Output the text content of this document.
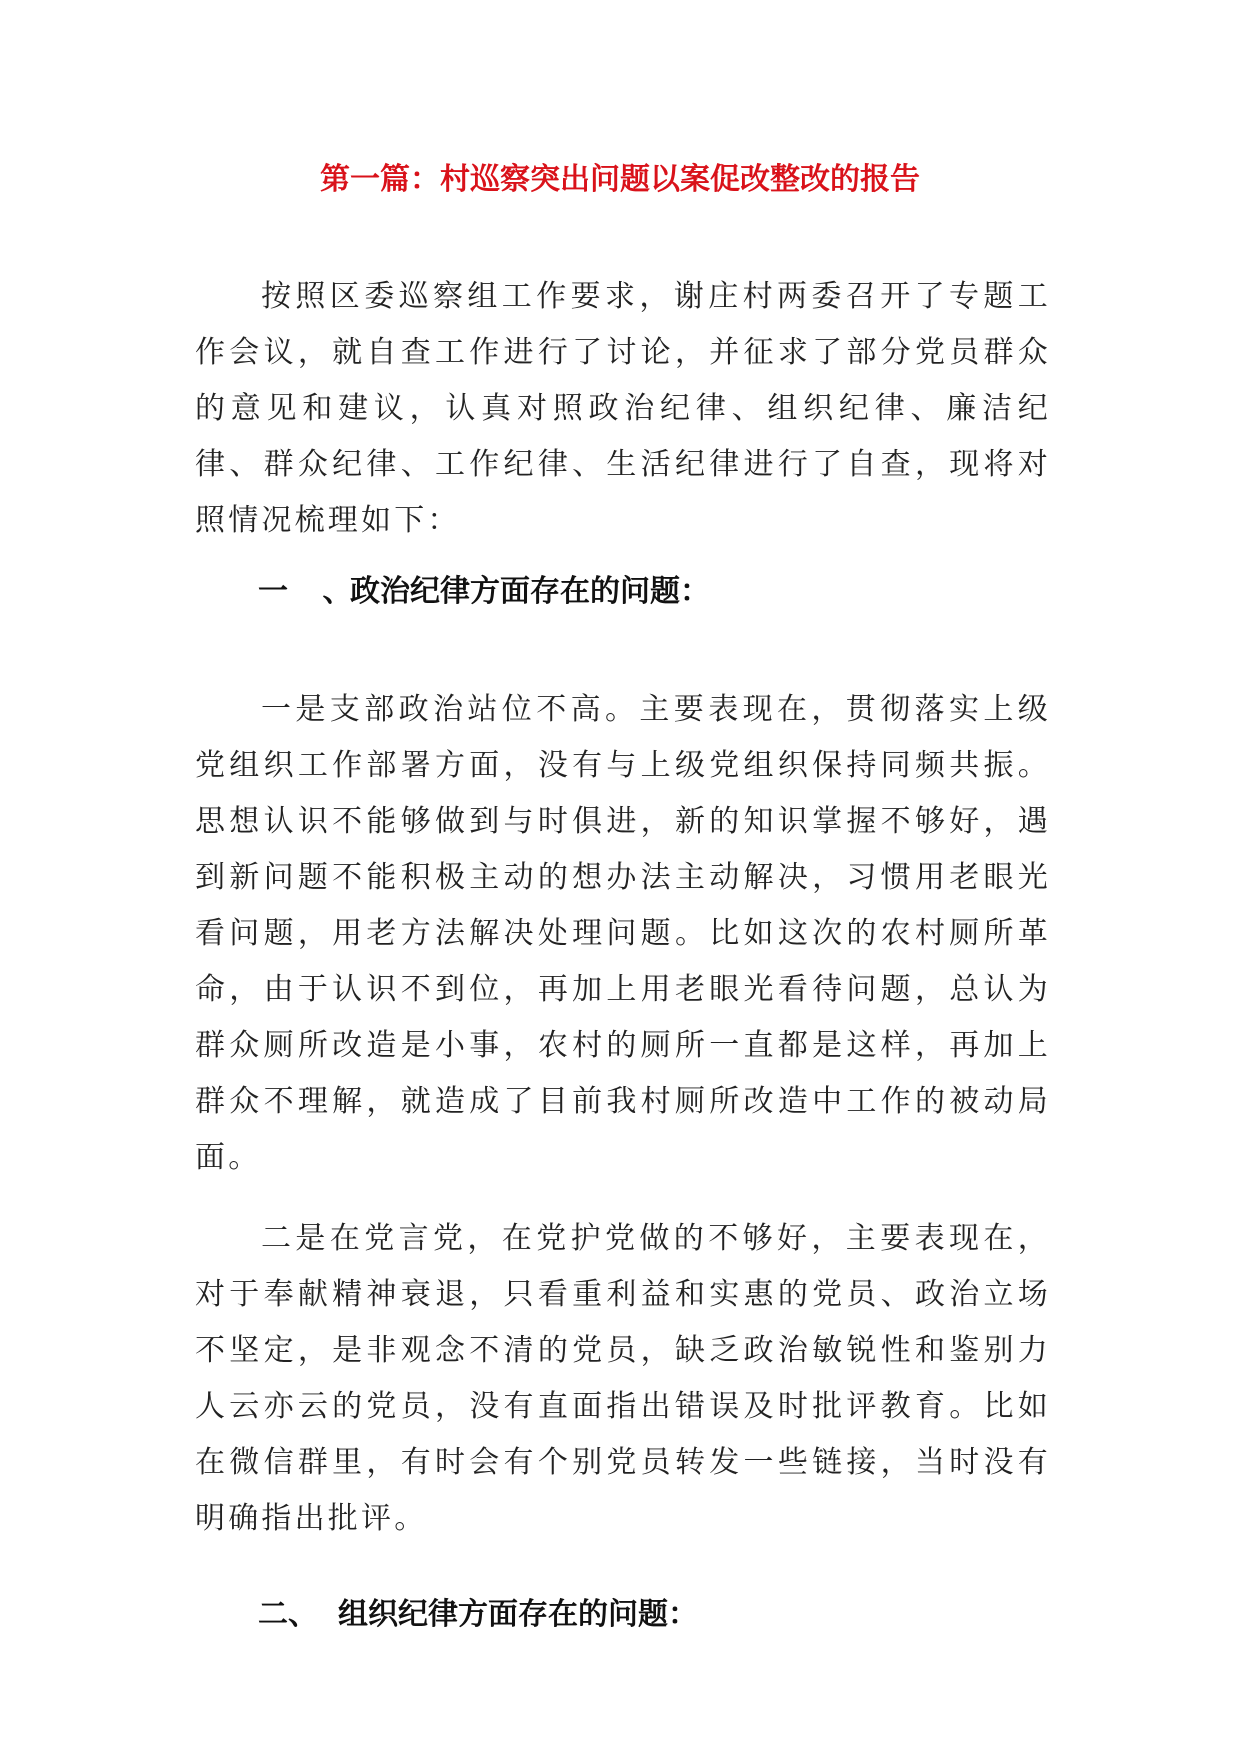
第一篇：村巡察突出问题以案促改整改的报告

按照区委巡察组工作要求，谢庄村两委召开了专题工作会议，就自查工作进行了讨论，并征求了部分党员群众的意见和建议，认真对照政治纪律、组织纪律、廉洁纪律、群众纪律、工作纪律、生活纪律进行了自查，现将对照情况梳理如下：

一 、政治纪律方面存在的问题：

一是支部政治站位不高。主要表现在，贯彻落实上级党组织工作部署方面，没有与上级党组织保持同频共振。思想认识不能够做到与时俱进，新的知识掌握不够好，遇到新问题不能积极主动的想办法主动解决，习惯用老眼光看问题，用老方法解决处理问题。比如这次的农村厕所革命，由于认识不到位，再加上用老眼光看待问题，总认为群众厕所改造是小事，农村的厕所一直都是这样，再加上群众不理解，就造成了目前我村厕所改造中工作的被动局面。

二是在党言党，在党护党做的不够好，主要表现在，对于奉献精神衰退，只看重利益和实惠的党员、政治立场不坚定，是非观念不清的党员，缺乏政治敏锐性和鉴别力人云亦云的党员，没有直面指出错误及时批评教育。比如在微信群里，有时会有个别党员转发一些链接，当时没有明确指出批评。

二、 组织纪律方面存在的问题：
